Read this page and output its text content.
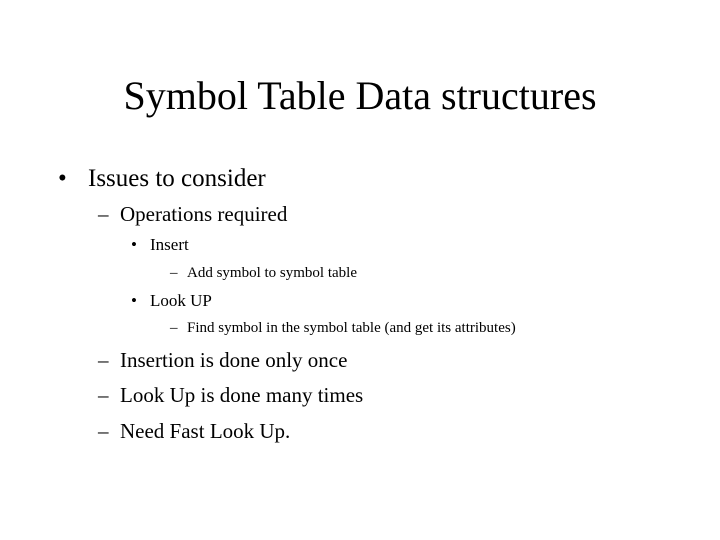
Symbol Table Data structures
• Issues to consider
– Operations required
• Insert
– Add symbol to symbol table
• Look UP
– Find symbol in the symbol table (and get its attributes)
– Insertion is done only once
– Look Up is done many times
– Need Fast Look Up.
